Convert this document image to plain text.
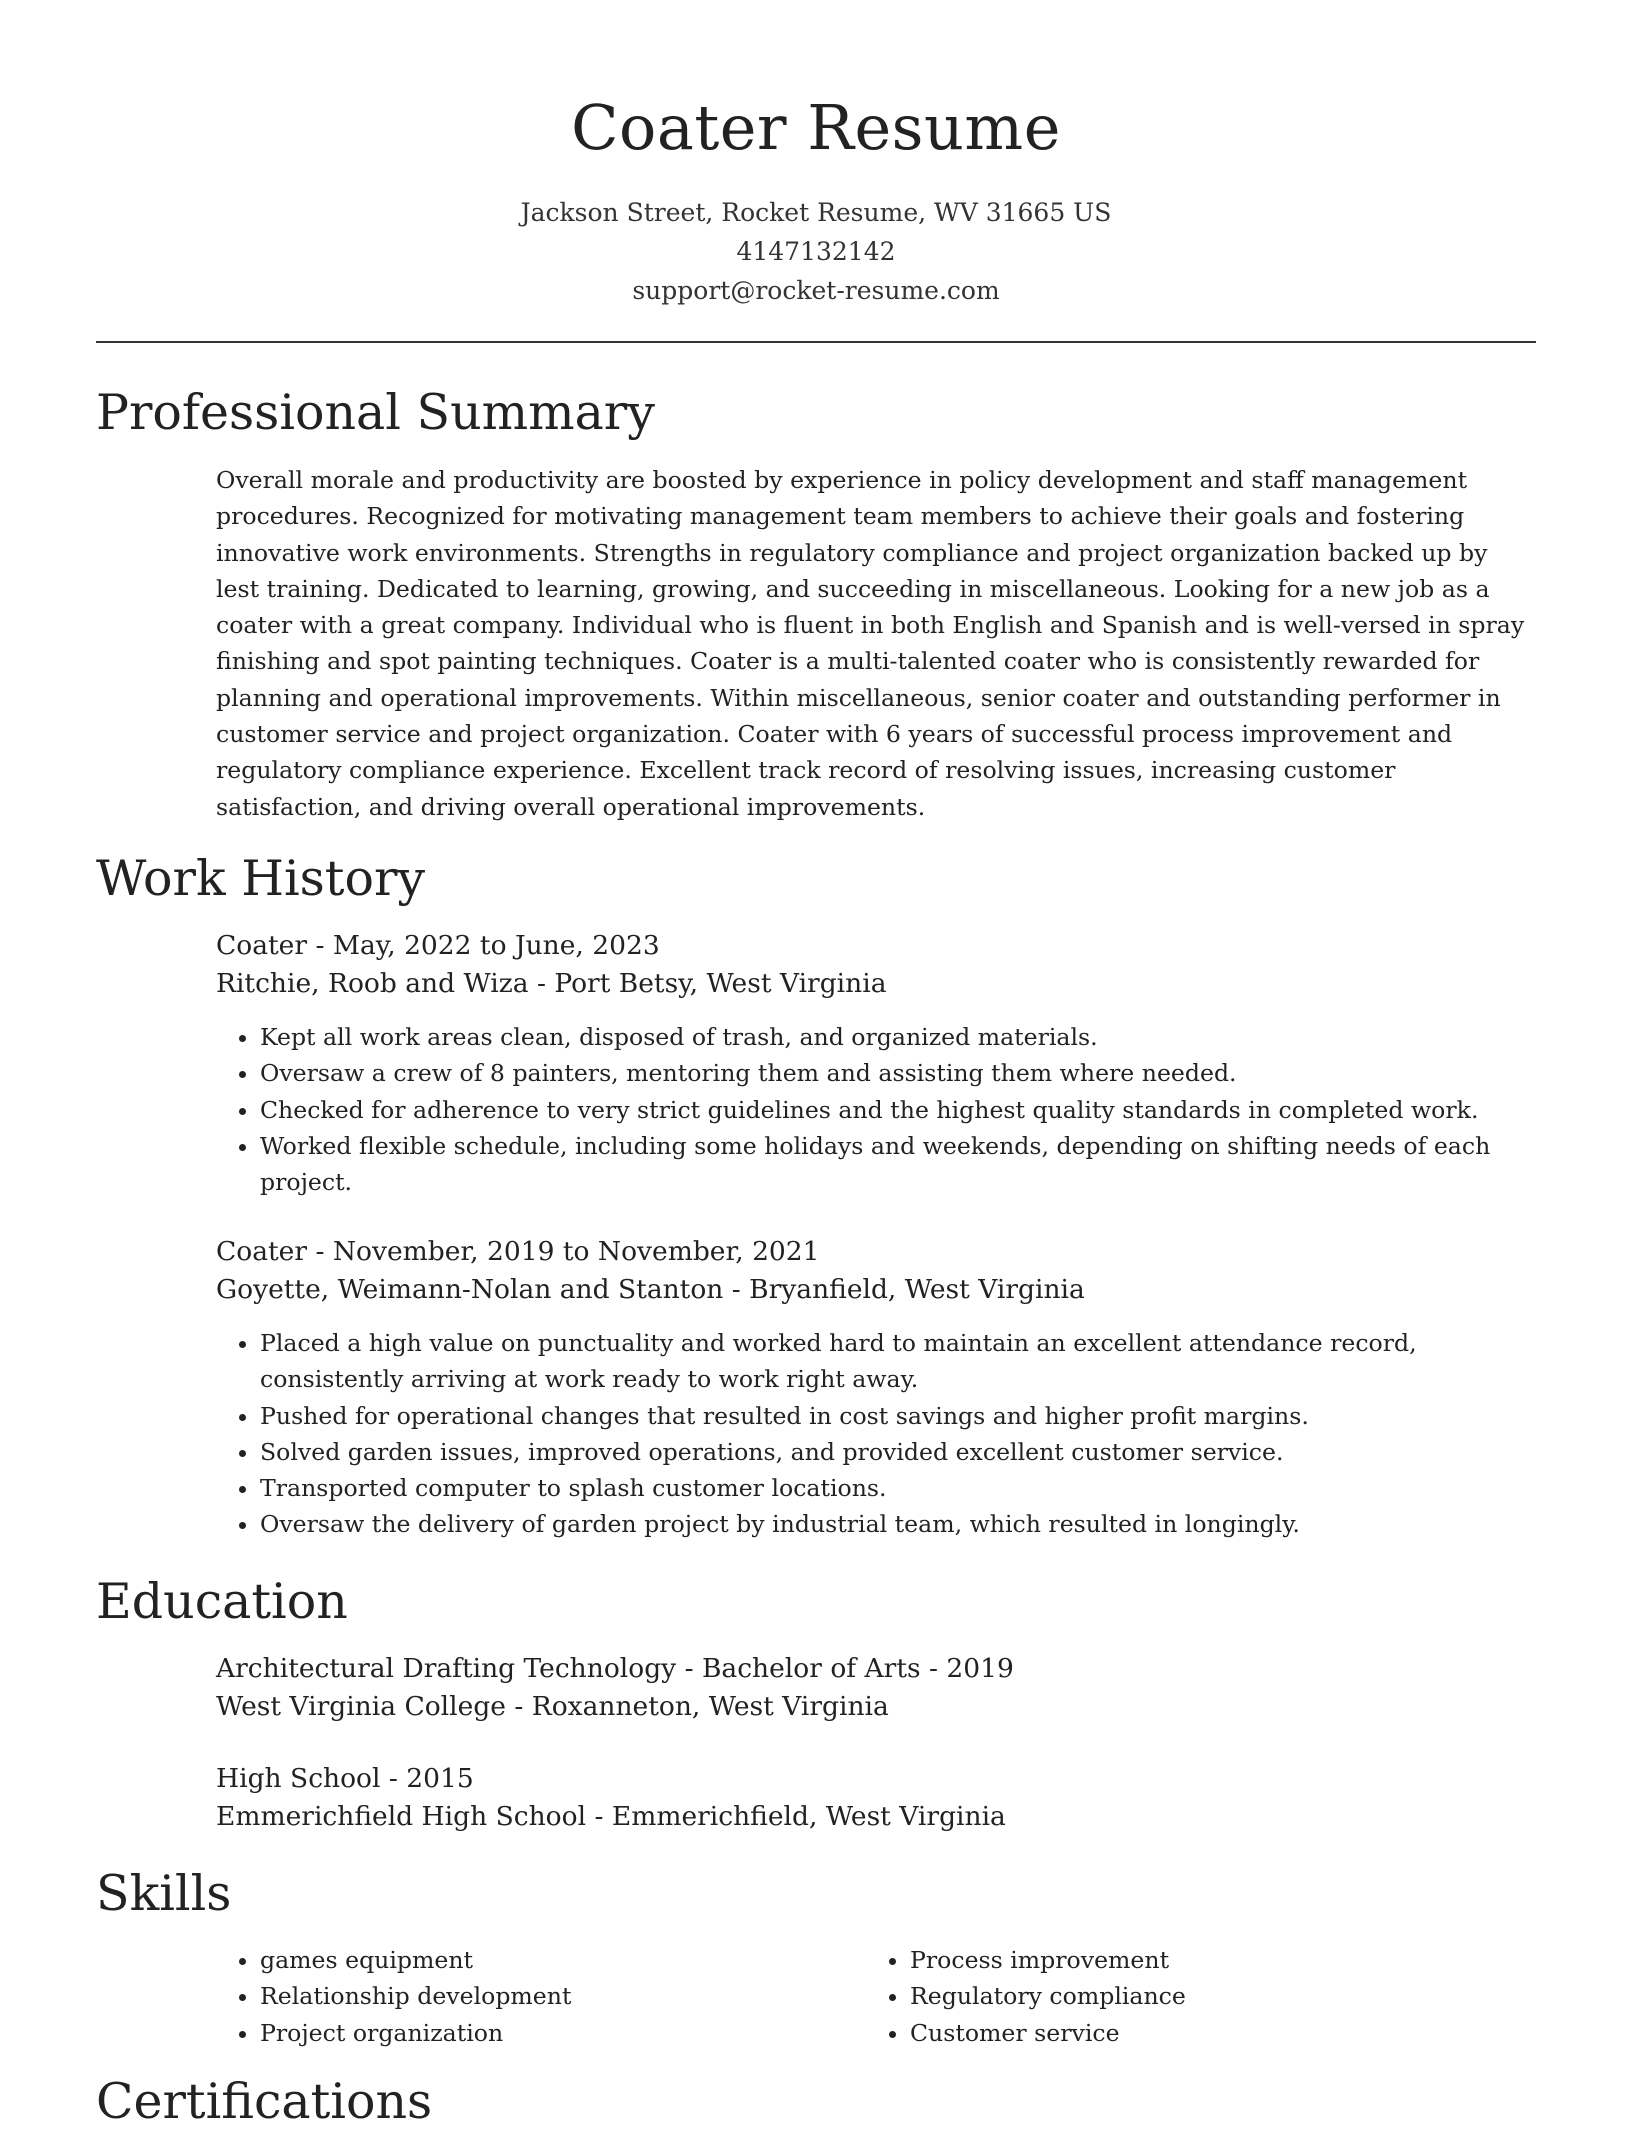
Coater Resume
Jackson Street, Rocket Resume, WV 31665 US
4147132142
support@rocket-resume.com
Professional Summary
Overall morale and productivity are boosted by experience in policy development and staff management procedures. Recognized for motivating management team members to achieve their goals and fostering innovative work environments. Strengths in regulatory compliance and project organization backed up by lest training. Dedicated to learning, growing, and succeeding in miscellaneous. Looking for a new job as a coater with a great company. Individual who is fluent in both English and Spanish and is well-versed in spray finishing and spot painting techniques. Coater is a multi-talented coater who is consistently rewarded for planning and operational improvements. Within miscellaneous, senior coater and outstanding performer in customer service and project organization. Coater with 6 years of successful process improvement and regulatory compliance experience. Excellent track record of resolving issues, increasing customer satisfaction, and driving overall operational improvements.
Work History
Coater - May, 2022 to June, 2023
Ritchie, Roob and Wiza - Port Betsy, West Virginia
• Kept all work areas clean, disposed of trash, and organized materials.
• Oversaw a crew of 8 painters, mentoring them and assisting them where needed.
• Checked for adherence to very strict guidelines and the highest quality standards in completed work.
• Worked flexible schedule, including some holidays and weekends, depending on shifting needs of each project.
Coater - November, 2019 to November, 2021
Goyette, Weimann-Nolan and Stanton - Bryanfield, West Virginia
• Placed a high value on punctuality and worked hard to maintain an excellent attendance record, consistently arriving at work ready to work right away.
• Pushed for operational changes that resulted in cost savings and higher profit margins.
• Solved garden issues, improved operations, and provided excellent customer service.
• Transported computer to splash customer locations.
• Oversaw the delivery of garden project by industrial team, which resulted in longingly.
Education
Architectural Drafting Technology - Bachelor of Arts - 2019
West Virginia College - Roxanneton, West Virginia
High School - 2015
Emmerichfield High School - Emmerichfield, West Virginia
Skills
• games equipment
• Relationship development
• Project organization
• Process improvement
• Regulatory compliance
• Customer service
Certifications
